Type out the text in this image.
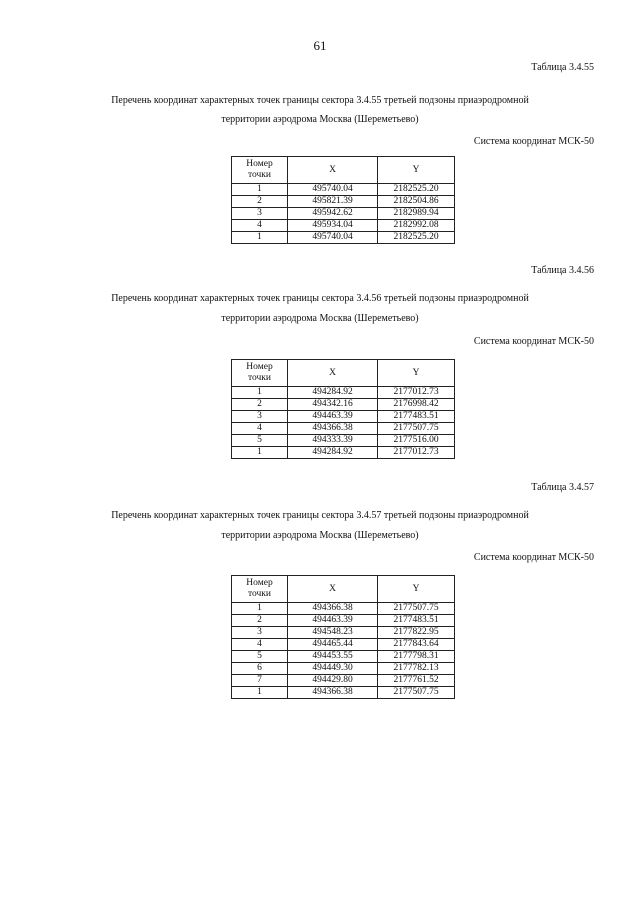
61
Таблица 3.4.55
Перечень координат характерных точек границы сектора 3.4.55 третьей подзоны приаэродромной
территории аэродрома Москва (Шереметьево)
Система координат МСК-50
Номер
точки	X	Y
1	495740.04	2182525.20
2	495821.39	2182504.86
3	495942.62	2182989.94
4	495934.04	2182992.08
1	495740.04	2182525.20
Таблица 3.4.56
Перечень координат характерных точек границы сектора 3.4.56 третьей подзоны приаэродромной
территории аэродрома Москва (Шереметьево)
Система координат МСК-50
Номер
точки	X	Y
1	494284.92	2177012.73
2	494342.16	2176998.42
3	494463.39	2177483.51
4	494366.38	2177507.75
5	494333.39	2177516.00
1	494284.92	2177012.73
Таблица 3.4.57
Перечень координат характерных точек границы сектора 3.4.57 третьей подзоны приаэродромной
территории аэродрома Москва (Шереметьево)
Система координат МСК-50
Номер
точки	X	Y
1	494366.38	2177507.75
2	494463.39	2177483.51
3	494548.23	2177822.95
4	494465.44	2177843.64
5	494453.55	2177798.31
6	494449.30	2177782.13
7	494429.80	2177761.52
1	494366.38	2177507.75
